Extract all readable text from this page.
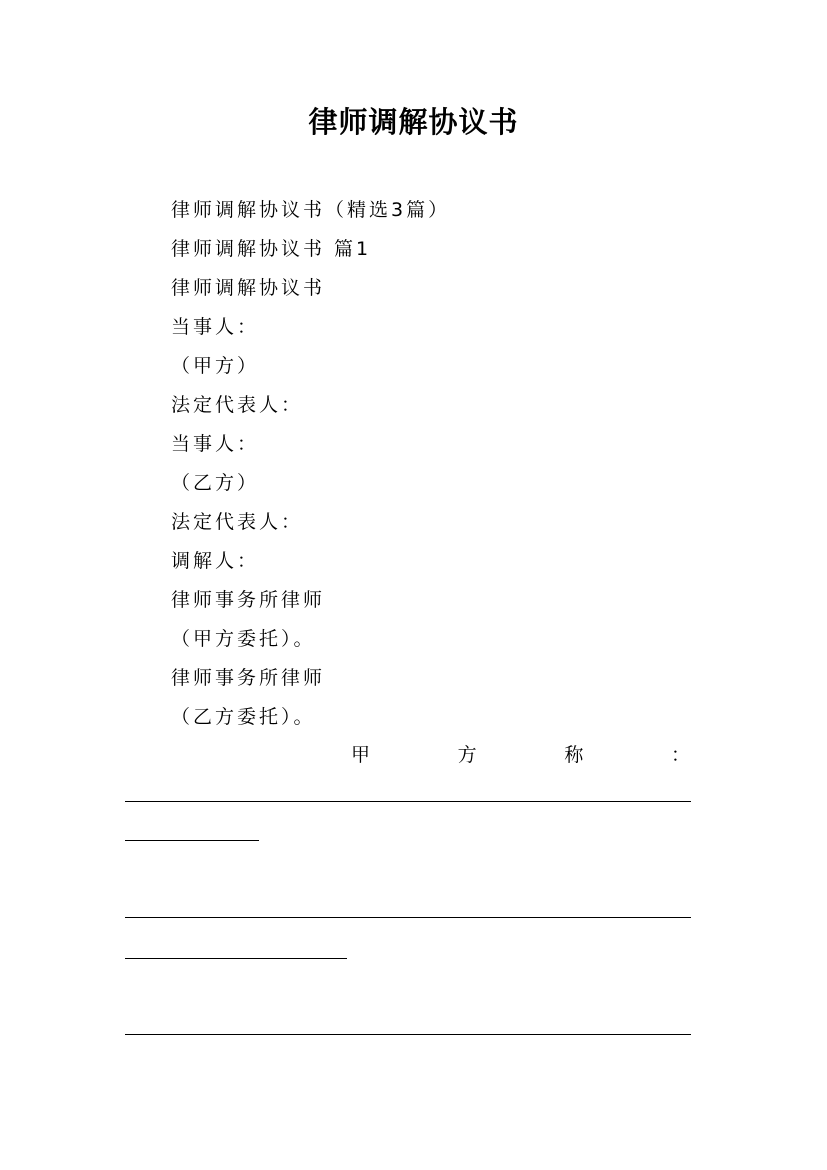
律师调解协议书
律师调解协议书（精选3篇）
律师调解协议书 篇1
律师调解协议书
当事人：
（甲方）
法定代表人：
当事人：
（乙方）
法定代表人：
调解人：
律师事务所律师
（甲方委托）。
律师事务所律师
（乙方委托）。
甲	方	称	：
